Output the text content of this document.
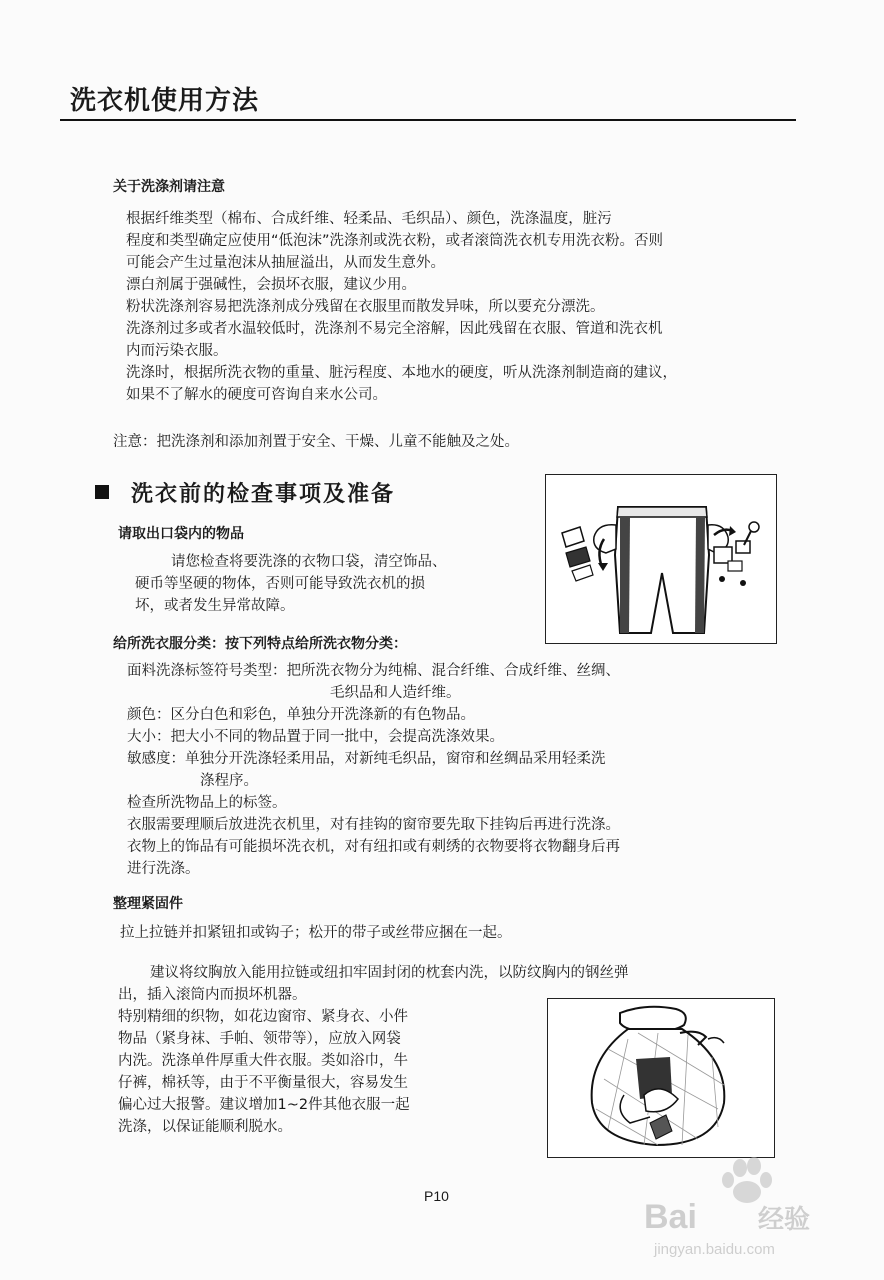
洗衣机使用方法
关于洗涤剂请注意
根据纤维类型（棉布、合成纤维、轻柔品、毛织品）、颜色，洗涤温度，脏污
程度和类型确定应使用“低泡沫”洗涤剂或洗衣粉，或者滚筒洗衣机专用洗衣粉。否则
可能会产生过量泡沫从抽屉溢出，从而发生意外。
漂白剂属于强碱性，会损坏衣服，建议少用。
粉状洗涤剂容易把洗涤剂成分残留在衣服里而散发异味，所以要充分漂洗。
洗涤剂过多或者水温较低时，洗涤剂不易完全溶解，因此残留在衣服、管道和洗衣机
内而污染衣服。
洗涤时，根据所洗衣物的重量、脏污程度、本地水的硬度，听从洗涤剂制造商的建议，
如果不了解水的硬度可咨询自来水公司。
注意：把洗涤剂和添加剂置于安全、干燥、儿童不能触及之处。
洗衣前的检查事项及准备
请取出口袋内的物品
请您检查将要洗涤的衣物口袋，清空饰品、
硬币等坚硬的物体，否则可能导致洗衣机的损
坏，或者发生异常故障。
给所洗衣服分类：按下列特点给所洗衣物分类：
面料洗涤标签符号类型：把所洗衣物分为纯棉、混合纤维、合成纤维、丝绸、
毛织品和人造纤维。
颜色：区分白色和彩色，单独分开洗涤新的有色物品。
大小：把大小不同的物品置于同一批中，会提高洗涤效果。
敏感度：单独分开洗涤轻柔用品，对新纯毛织品，窗帘和丝绸品采用轻柔洗
涤程序。
检查所洗物品上的标签。
衣服需要理顺后放进洗衣机里，对有挂钩的窗帘要先取下挂钩后再进行洗涤。
衣物上的饰品有可能损坏洗衣机，对有纽扣或有刺绣的衣物要将衣物翻身后再
进行洗涤。
整理紧固件
拉上拉链并扣紧钮扣或钩子；松开的带子或丝带应捆在一起。
建议将纹胸放入能用拉链或纽扣牢固封闭的枕套内洗，以防纹胸内的钢丝弹
出，插入滚筒内而损坏机器。
特别精细的织物，如花边窗帘、紧身衣、小件
物品（紧身袜、手帕、领带等），应放入网袋
内洗。洗涤单件厚重大件衣服。类如浴巾，牛
仔裤，棉袄等，由于不平衡量很大，容易发生
偏心过大报警。建议增加1~2件其他衣服一起
洗涤，以保证能顺利脱水。
P10
Bai 经验
jingyan.baidu.com
